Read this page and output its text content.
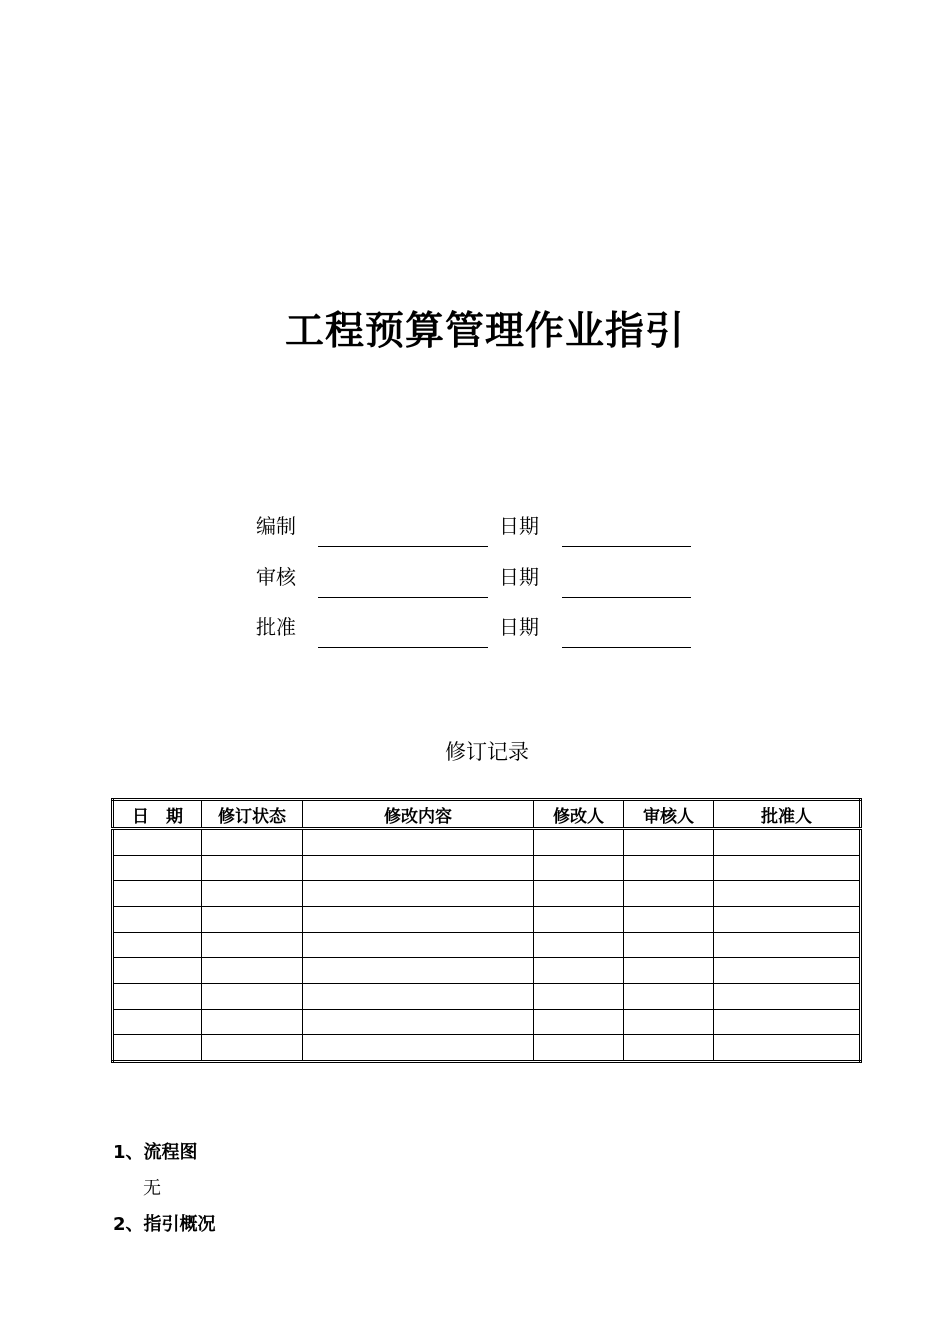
工程预算管理作业指引
编制	日期
审核	日期
批准	日期
修订记录
日　期	修订状态	修改内容	修改人	审核人	批准人

1、流程图
无
2、指引概况
